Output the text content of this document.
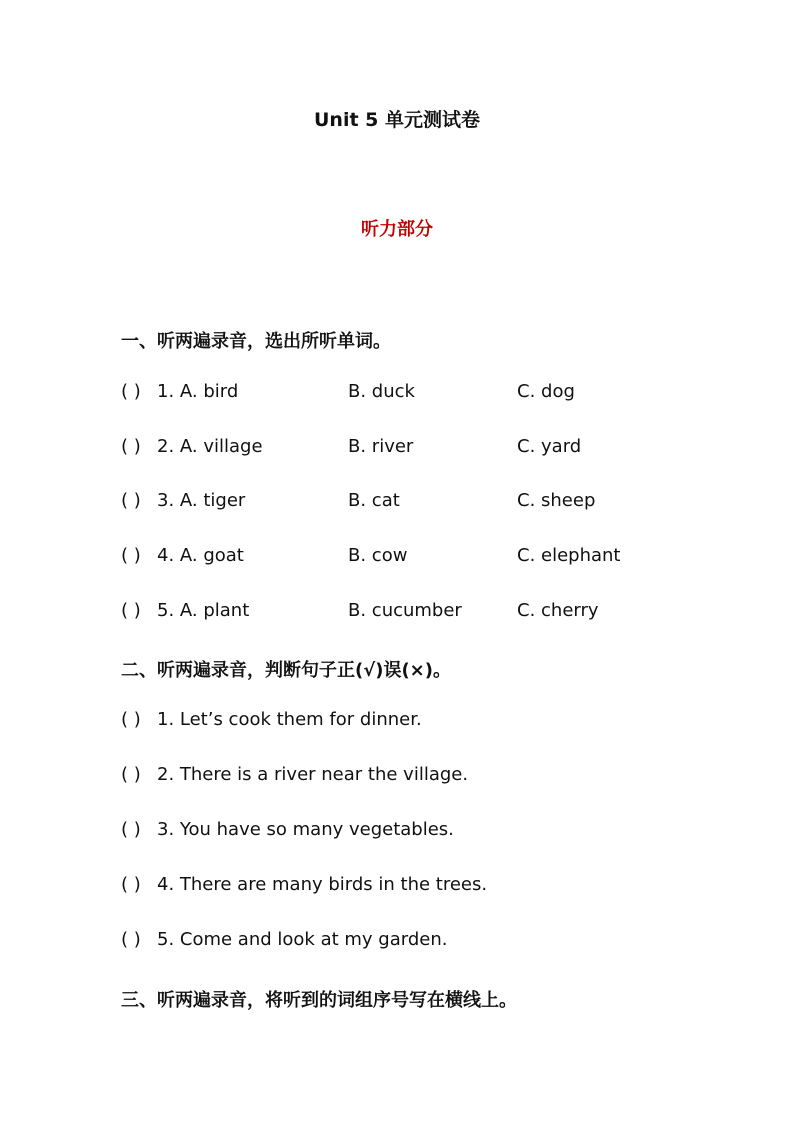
Unit 5 单元测试卷
听力部分
一、听两遍录音，选出所听单词。
( ) 1. A. bird	B. duck	C. dog
( ) 2. A. village	B. river	C. yard
( ) 3. A. tiger	B. cat	C. sheep
( ) 4. A. goat	B. cow	C. elephant
( ) 5. A. plant	B. cucumber	C. cherry
二、听两遍录音，判断句子正(√)误(×)。
( ) 1. Let’s cook them for dinner.
( ) 2. There is a river near the village.
( ) 3. You have so many vegetables.
( ) 4. There are many birds in the trees.
( ) 5. Come and look at my garden.
三、听两遍录音，将听到的词组序号写在横线上。
